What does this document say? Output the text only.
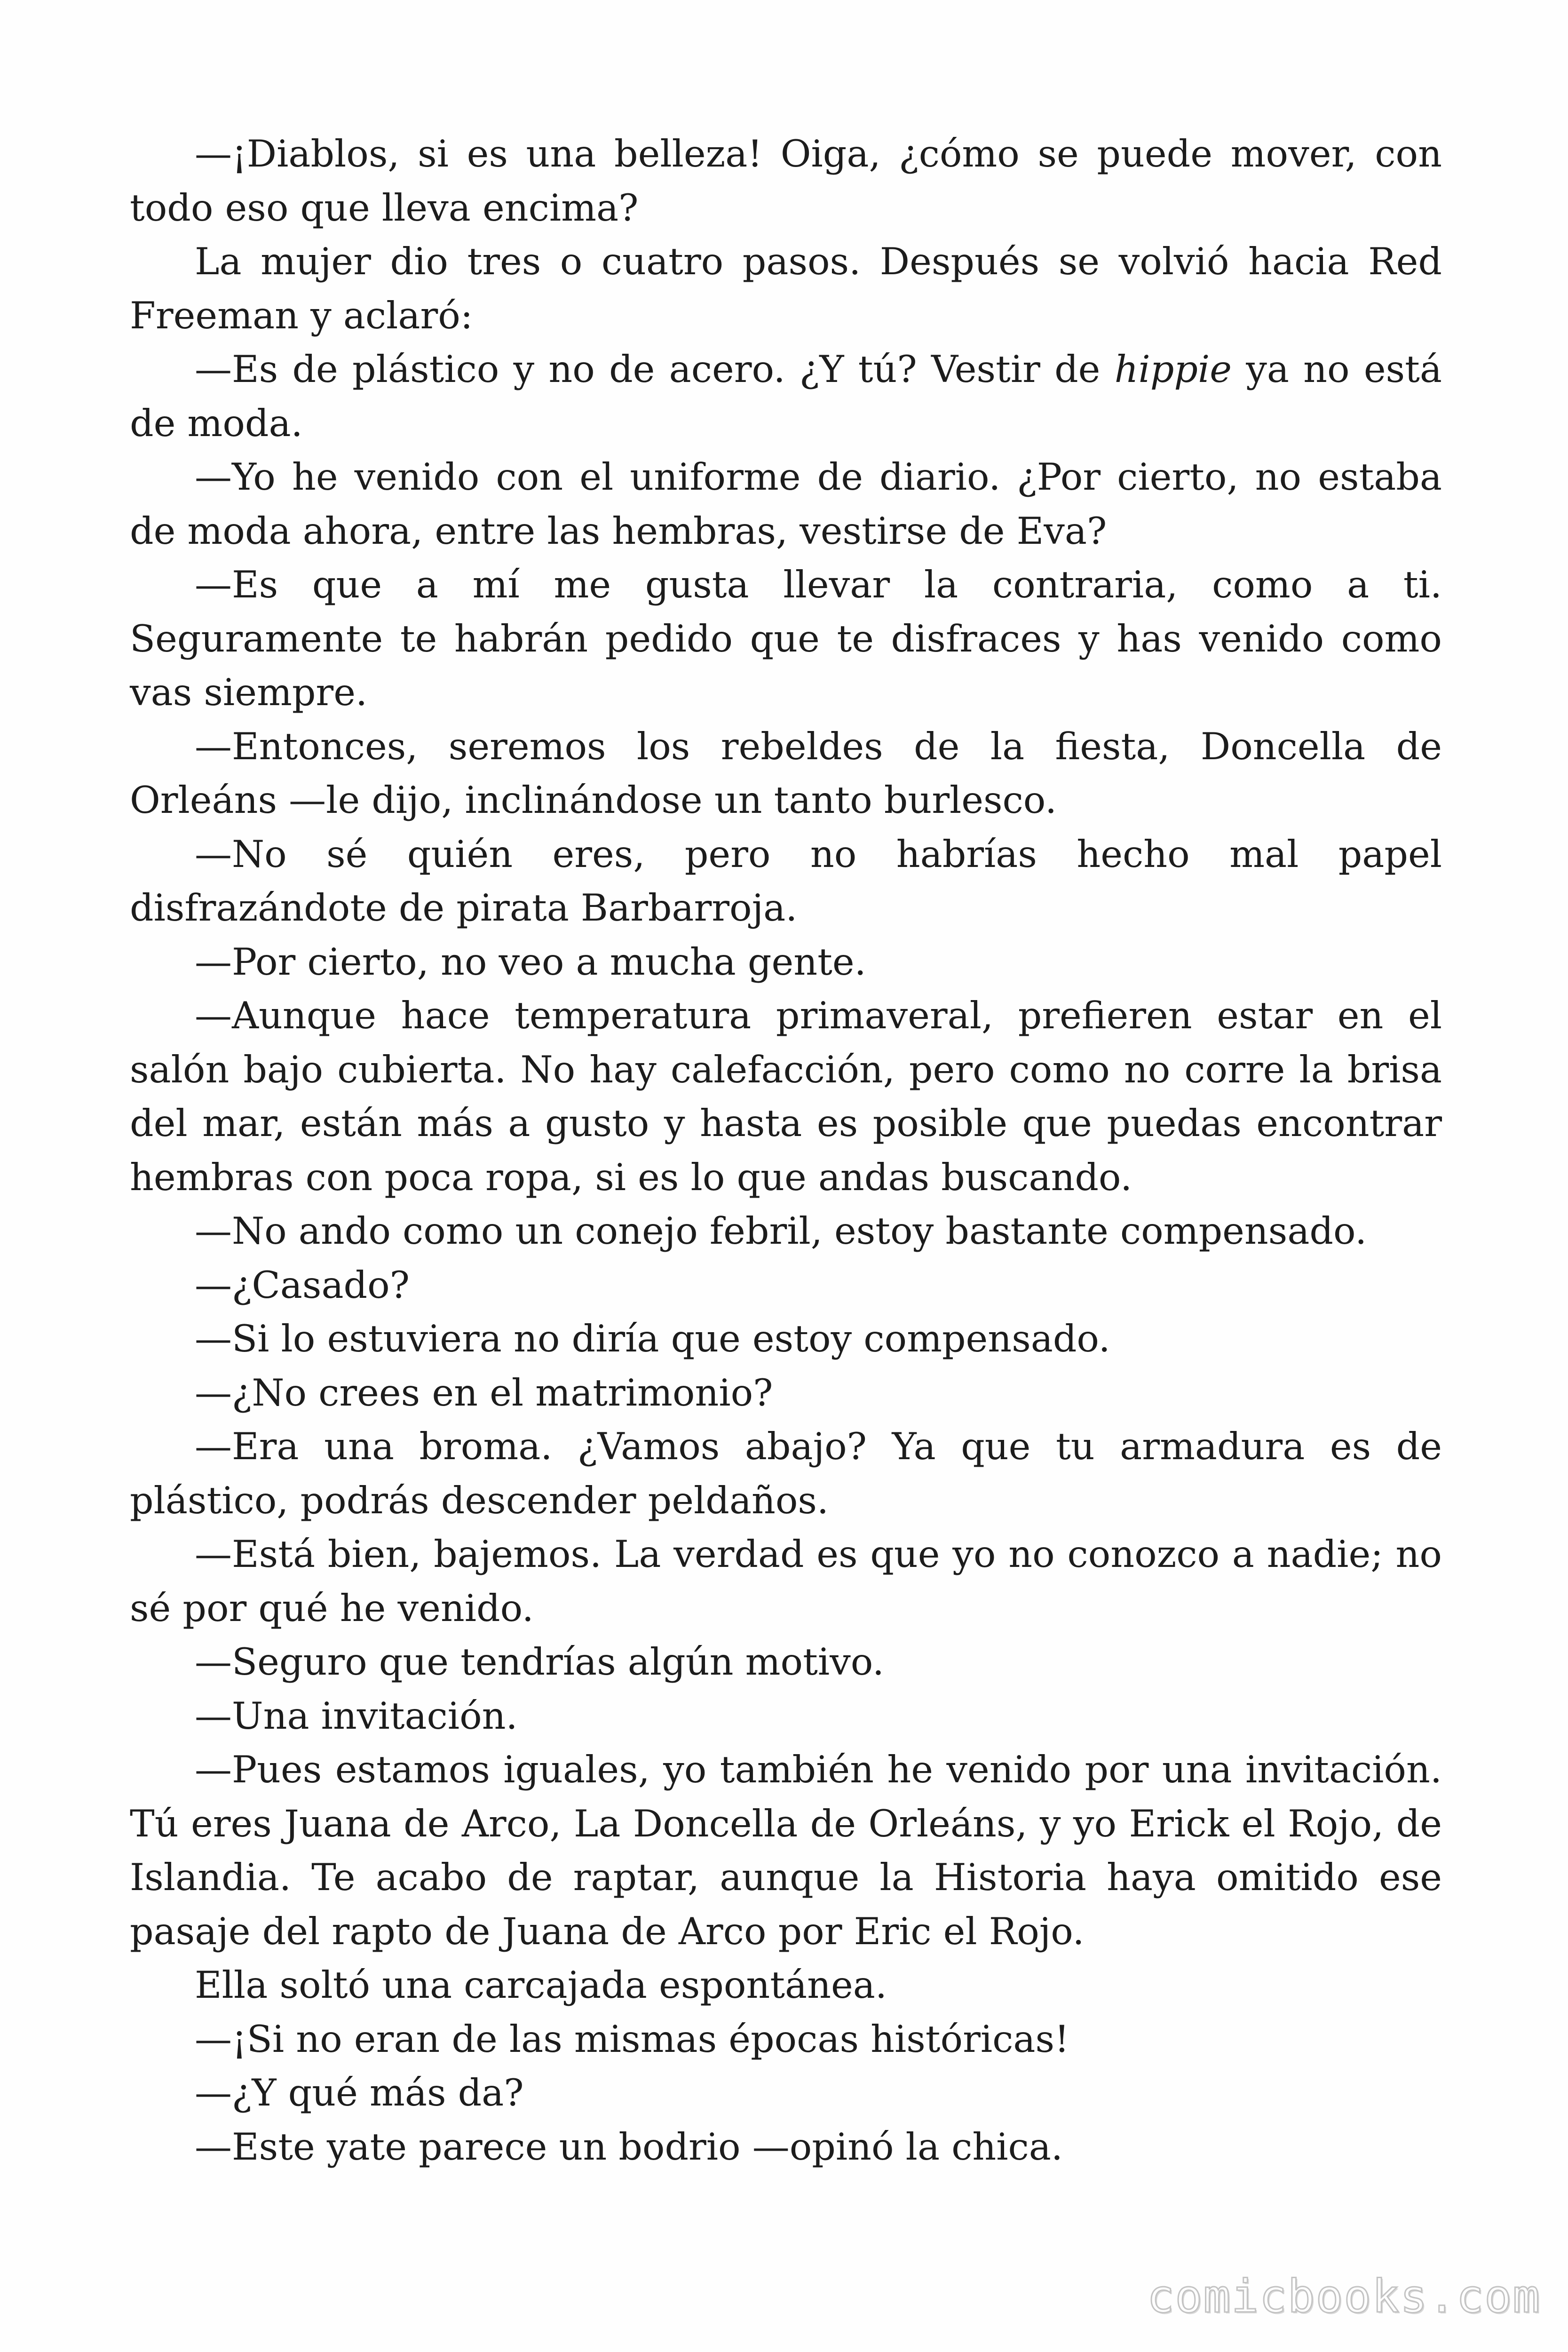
—¡Diablos, si es una belleza! Oiga, ¿cómo se puede mover, con todo eso que lleva encima?

La mujer dio tres o cuatro pasos. Después se volvió hacia Red Freeman y aclaró:

—Es de plástico y no de acero. ¿Y tú? Vestir de hippie ya no está de moda.

—Yo he venido con el uniforme de diario. ¿Por cierto, no estaba de moda ahora, entre las hembras, vestirse de Eva?

—Es que a mí me gusta llevar la contraria, como a ti. Seguramente te habrán pedido que te disfraces y has venido como vas siempre.

—Entonces, seremos los rebeldes de la fiesta, Doncella de Orleáns —le dijo, inclinándose un tanto burlesco.

—No sé quién eres, pero no habrías hecho mal papel disfrazándote de pirata Barbarroja.

—Por cierto, no veo a mucha gente.

—Aunque hace temperatura primaveral, prefieren estar en el salón bajo cubierta. No hay calefacción, pero como no corre la brisa del mar, están más a gusto y hasta es posible que puedas encontrar hembras con poca ropa, si es lo que andas buscando.

—No ando como un conejo febril, estoy bastante compensado.

—¿Casado?

—Si lo estuviera no diría que estoy compensado.

—¿No crees en el matrimonio?

—Era una broma. ¿Vamos abajo? Ya que tu armadura es de plástico, podrás descender peldaños.

—Está bien, bajemos. La verdad es que yo no conozco a nadie; no sé por qué he venido.

—Seguro que tendrías algún motivo.

—Una invitación.

—Pues estamos iguales, yo también he venido por una invitación. Tú eres Juana de Arco, La Doncella de Orleáns, y yo Erick el Rojo, de Islandia. Te acabo de raptar, aunque la Historia haya omitido ese pasaje del rapto de Juana de Arco por Eric el Rojo.

Ella soltó una carcajada espontánea.

—¡Si no eran de las mismas épocas históricas!

—¿Y qué más da?

—Este yate parece un bodrio —opinó la chica.

comicbooks.com
